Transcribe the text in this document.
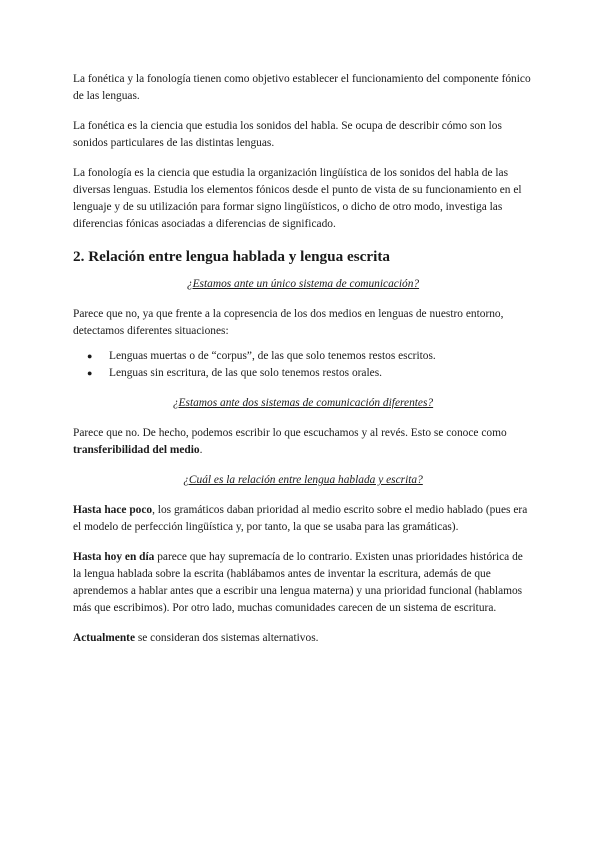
La fonética y la fonología tienen como objetivo establecer el funcionamiento del componente fónico de las lenguas.

La fonética es la ciencia que estudia los sonidos del habla. Se ocupa de describir cómo son los sonidos particulares de las distintas lenguas.

La fonología es la ciencia que estudia la organización lingüística de los sonidos del habla de las diversas lenguas. Estudia los elementos fónicos desde el punto de vista de su funcionamiento en el lenguaje y de su utilización para formar signo lingüísticos, o dicho de otro modo, investiga las diferencias fónicas asociadas a diferencias de significado.

2. Relación entre lengua hablada y lengua escrita

¿Estamos ante un único sistema de comunicación?

Parece que no, ya que frente a la copresencia de los dos medios en lenguas de nuestro entorno, detectamos diferentes situaciones:

● Lenguas muertas o de “corpus”, de las que solo tenemos restos escritos.
● Lenguas sin escritura, de las que solo tenemos restos orales.

¿Estamos ante dos sistemas de comunicación diferentes?

Parece que no. De hecho, podemos escribir lo que escuchamos y al revés. Esto se conoce como transferibilidad del medio.

¿Cuál es la relación entre lengua hablada y escrita?

Hasta hace poco, los gramáticos daban prioridad al medio escrito sobre el medio hablado (pues era el modelo de perfección lingüística y, por tanto, la que se usaba para las gramáticas).

Hasta hoy en día parece que hay supremacía de lo contrario. Existen unas prioridades histórica de la lengua hablada sobre la escrita (hablábamos antes de inventar la escritura, además de que aprendemos a hablar antes que a escribir una lengua materna) y una prioridad funcional (hablamos más que escribimos). Por otro lado, muchas comunidades carecen de un sistema de escritura.

Actualmente se consideran dos sistemas alternativos.
